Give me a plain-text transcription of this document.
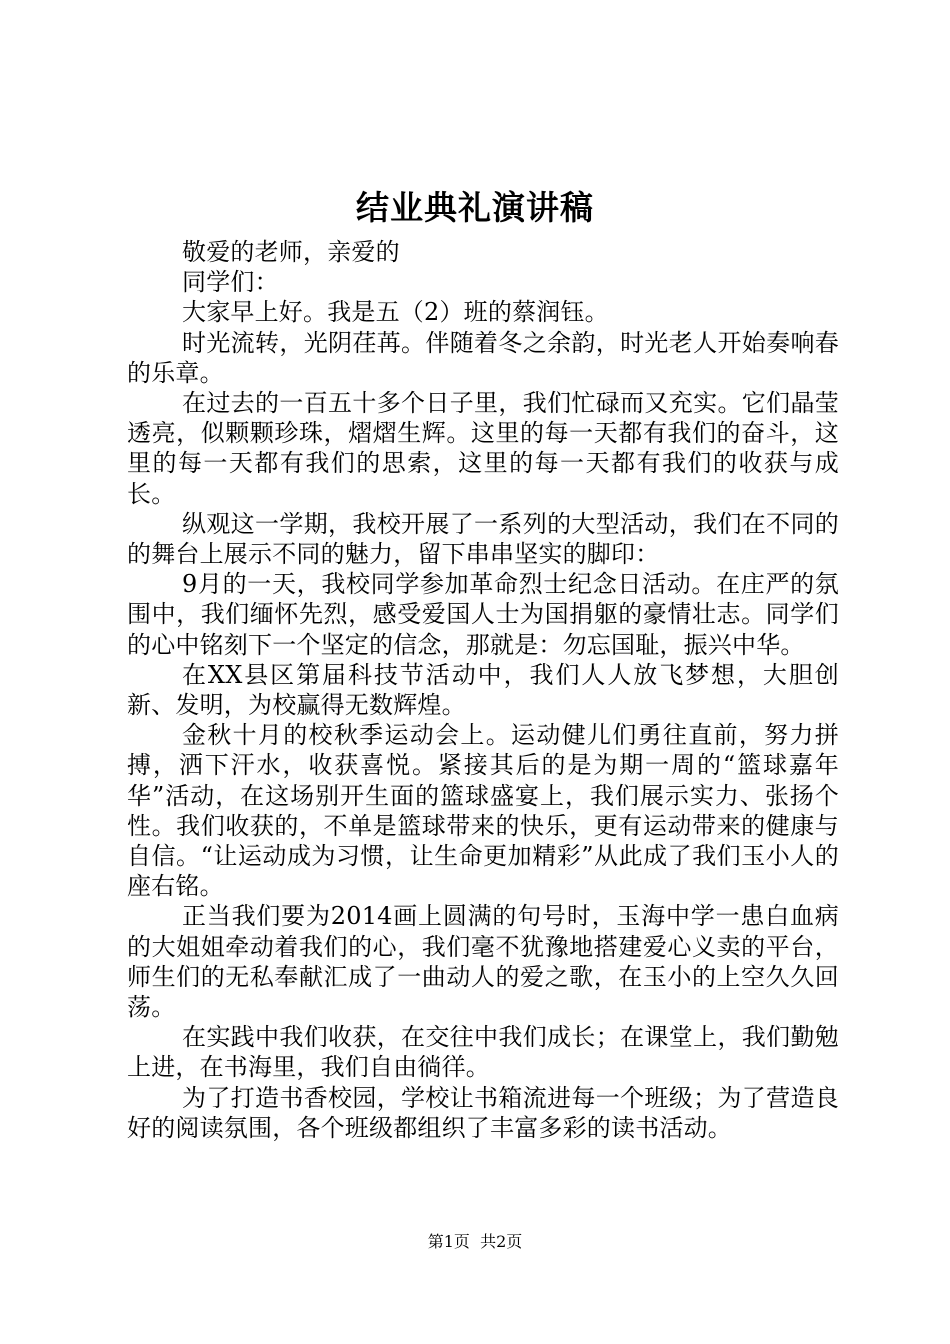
结业典礼演讲稿

敬爱的老师，亲爱的

同学们：

大家早上好。我是五（2）班的蔡润钰。

时光流转，光阴荏苒。伴随着冬之余韵，时光老人开始奏响春的乐章。

在过去的一百五十多个日子里，我们忙碌而又充实。它们晶莹透亮，似颗颗珍珠，熠熠生辉。这里的每一天都有我们的奋斗，这里的每一天都有我们的思索，这里的每一天都有我们的收获与成长。

纵观这一学期，我校开展了一系列的大型活动，我们在不同的的舞台上展示不同的魅力，留下串串坚实的脚印：

9月的一天，我校同学参加革命烈士纪念日活动。在庄严的氛围中，我们缅怀先烈，感受爱国人士为国捐躯的豪情壮志。同学们的心中铭刻下一个坚定的信念，那就是：勿忘国耻，振兴中华。

在XX县区第届科技节活动中，我们人人放飞梦想，大胆创新、发明，为校赢得无数辉煌。

金秋十月的校秋季运动会上。运动健儿们勇往直前，努力拼搏，洒下汗水，收获喜悦。紧接其后的是为期一周的“篮球嘉年华”活动，在这场别开生面的篮球盛宴上，我们展示实力、张扬个性。我们收获的，不单是篮球带来的快乐，更有运动带来的健康与自信。“让运动成为习惯，让生命更加精彩”从此成了我们玉小人的座右铭。

正当我们要为2014画上圆满的句号时，玉海中学一患白血病的大姐姐牵动着我们的心，我们毫不犹豫地搭建爱心义卖的平台，师生们的无私奉献汇成了一曲动人的爱之歌，在玉小的上空久久回荡。

在实践中我们收获，在交往中我们成长；在课堂上，我们勤勉上进，在书海里，我们自由徜徉。

为了打造书香校园，学校让书箱流进每一个班级；为了营造良好的阅读氛围，各个班级都组织了丰富多彩的读书活动。

第1页  共2页
